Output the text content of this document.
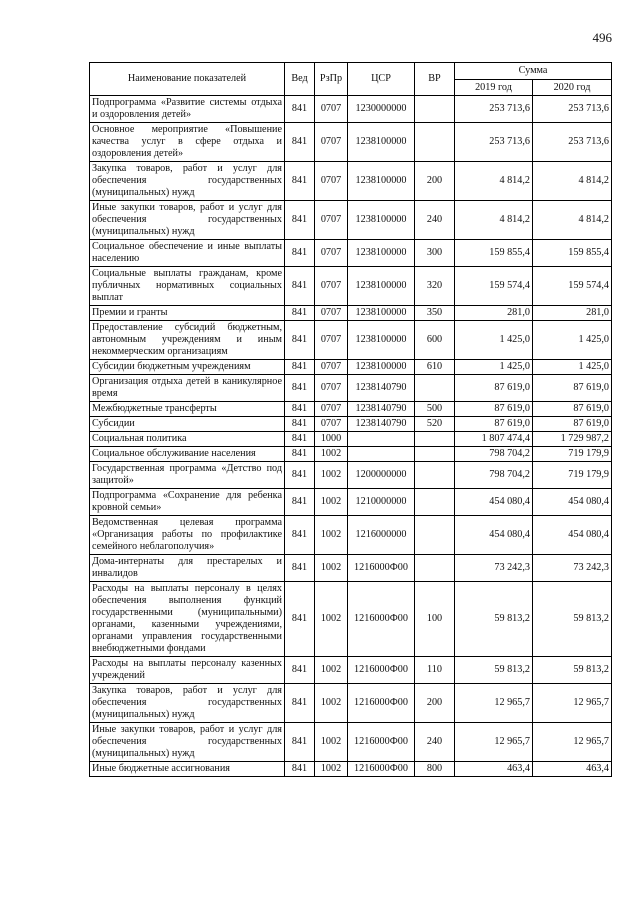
496
Наименование показателей	Вед	РзПр	ЦСР	ВР	Сумма	
					2019 год	2020 год
Подпрограмма «Развитие системы отдыха и оздоровления детей»	841	0707	1230000000		253 713,6	253 713,6
Основное мероприятие «Повышение качества услуг в сфере отдыха и оздоровления детей»	841	0707	1238100000		253 713,6	253 713,6
Закупка товаров, работ и услуг для обеспечения государственных (муниципальных) нужд	841	0707	1238100000	200	4 814,2	4 814,2
Иные закупки товаров, работ и услуг для обеспечения государственных (муниципальных) нужд	841	0707	1238100000	240	4 814,2	4 814,2
Социальное обеспечение и иные выплаты населению	841	0707	1238100000	300	159 855,4	159 855,4
Социальные выплаты гражданам, кроме публичных нормативных социальных выплат	841	0707	1238100000	320	159 574,4	159 574,4
Премии и гранты	841	0707	1238100000	350	281,0	281,0
Предоставление субсидий бюджетным, автономным учреждениям и иным некоммерческим организациям	841	0707	1238100000	600	1 425,0	1 425,0
Субсидии бюджетным учреждениям	841	0707	1238100000	610	1 425,0	1 425,0
Организация отдыха детей в каникулярное время	841	0707	1238140790		87 619,0	87 619,0
Межбюджетные трансферты	841	0707	1238140790	500	87 619,0	87 619,0
Субсидии	841	0707	1238140790	520	87 619,0	87 619,0
Социальная политика	841	1000			1 807 474,4	1 729 987,2
Социальное обслуживание населения	841	1002			798 704,2	719 179,9
Государственная программа «Детство под защитой»	841	1002	1200000000		798 704,2	719 179,9
Подпрограмма «Сохранение для ребенка кровной семьи»	841	1002	1210000000		454 080,4	454 080,4
Ведомственная целевая программа «Организация работы по профилактике семейного неблагополучия»	841	1002	1216000000		454 080,4	454 080,4
Дома-интернаты для престарелых и инвалидов	841	1002	1216000Ф00		73 242,3	73 242,3
Расходы на выплаты персоналу в целях обеспечения выполнения функций государственными (муниципальными) органами, казенными учреждениями, органами управления государственными внебюджетными фондами	841	1002	1216000Ф00	100	59 813,2	59 813,2
Расходы на выплаты персоналу казенных учреждений	841	1002	1216000Ф00	110	59 813,2	59 813,2
Закупка товаров, работ и услуг для обеспечения государственных (муниципальных) нужд	841	1002	1216000Ф00	200	12 965,7	12 965,7
Иные закупки товаров, работ и услуг для обеспечения государственных (муниципальных) нужд	841	1002	1216000Ф00	240	12 965,7	12 965,7
Иные бюджетные ассигнования	841	1002	1216000Ф00	800	463,4	463,4
